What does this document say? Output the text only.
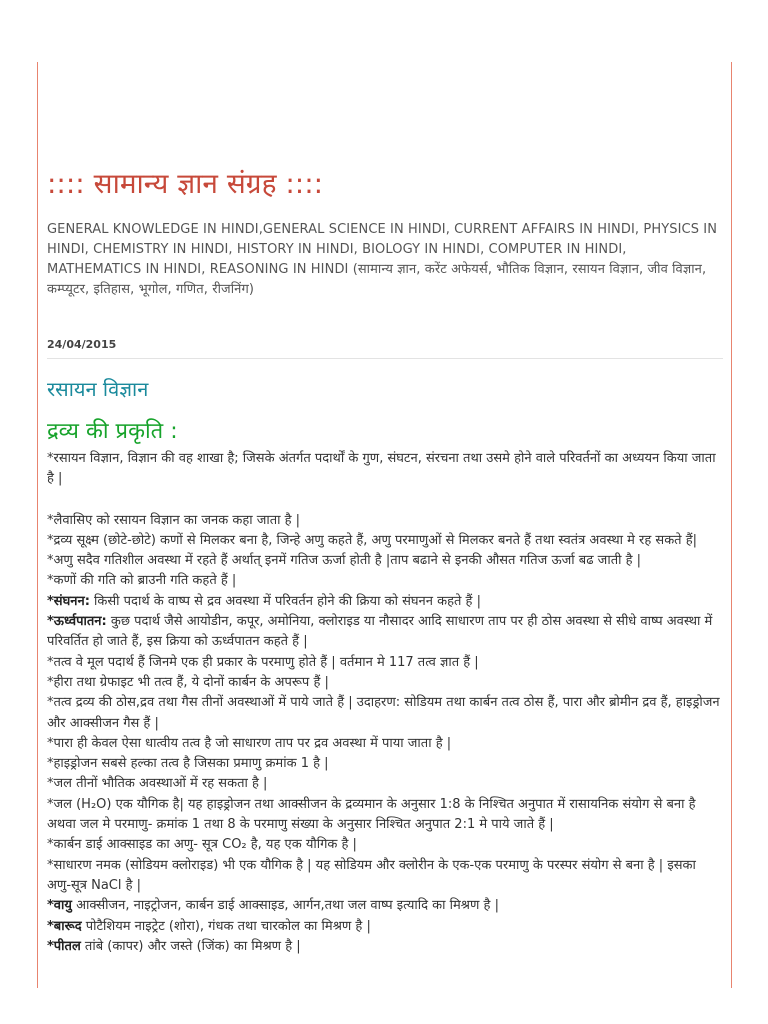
:::: सामान्य ज्ञान संग्रह ::::

GENERAL KNOWLEDGE IN HINDI,GENERAL SCIENCE IN HINDI, CURRENT AFFAIRS IN HINDI, PHYSICS IN HINDI, CHEMISTRY IN HINDI, HISTORY IN HINDI, BIOLOGY IN HINDI, COMPUTER IN HINDI, MATHEMATICS IN HINDI, REASONING IN HINDI (सामान्य ज्ञान, करेंट अफेयर्स, भौतिक विज्ञान, रसायन विज्ञान, जीव विज्ञान, कम्प्यूटर, इतिहास, भूगोल, गणित, रीजनिंग)

24/04/2015
रसायन विज्ञान
द्रव्य की प्रकृति :

*रसायन विज्ञान, विज्ञान की वह शाखा है; जिसके अंतर्गत पदार्थों के गुण, संघटन, संरचना तथा उसमे होने वाले परिवर्तनों का अध्ययन किया जाता है |

*लैवासिए को रसायन विज्ञान का जनक कहा जाता है |
*द्रव्य सूक्ष्म (छोटे-छोटे) कणों से मिलकर बना है, जिन्हे अणु कहते हैं, अणु परमाणुओं से मिलकर बनते हैं तथा स्वतंत्र अवस्था मे रह सकते हैं|
*अणु सदैव गतिशील अवस्था में रहते हैं अर्थात् इनमें गतिज ऊर्जा होती है |ताप बढाने से इनकी औसत गतिज ऊर्जा बढ जाती है |
*कणों की गति को ब्राउनी गति कहते हैं |
*संघनन: किसी पदार्थ के वाष्प से द्रव अवस्था में परिवर्तन होने की क्रिया को संघनन कहते हैं |
*ऊर्ध्वपातन: कुछ पदार्थ जैसे आयोडीन, कपूर, अमोनिया, क्लोराइड या नौसादर आदि साधारण ताप पर ही ठोस अवस्था से सीधे वाष्प अवस्था में परिवर्तित हो जाते हैं, इस क्रिया को ऊर्ध्वपातन कहते हैं |
*तत्व वे मूल पदार्थ हैं जिनमे एक ही प्रकार के परमाणु होते हैं | वर्तमान मे 117 तत्व ज्ञात हैं |
*हीरा तथा ग्रेफाइट भी तत्व हैं, ये दोनों कार्बन के अपरूप हैं |
*तत्व द्रव्य की ठोस,द्रव तथा गैस तीनों अवस्थाओं में पाये जाते हैं | उदाहरण: सोडियम तथा कार्बन तत्व ठोस हैं, पारा और ब्रोमीन द्रव हैं, हाइड्रोजन और आक्सीजन गैस हैं |
*पारा ही केवल ऐसा धात्वीय तत्व है जो साधारण ताप पर द्रव अवस्था में पाया जाता है |
*हाइड्रोजन सबसे हल्का तत्व है जिसका प्रमाणु क्रमांक 1 है |
*जल तीनों भौतिक अवस्थाओं में रह सकता है |
*जल (H₂O) एक यौगिक है| यह हाइड्रोजन तथा आक्सीजन के द्रव्यमान के अनुसार 1:8 के निश्चित अनुपात में रासायनिक संयोग से बना है अथवा जल मे परमाणु- क्रमांक 1 तथा 8 के परमाणु संख्या के अनुसार निश्चित अनुपात 2:1 मे पाये जाते हैं |
*कार्बन डाई आक्साइड का अणु- सूत्र CO₂ है, यह एक यौगिक है |
*साधारण नमक (सोडियम क्लोराइड) भी एक यौगिक है | यह सोडियम और क्लोरीन के एक-एक परमाणु के परस्पर संयोग से बना है | इसका अणु-सूत्र NaCl है |
*वायु आक्सीजन, नाइट्रोजन, कार्बन डाई आक्साइड, आर्गन,तथा जल वाष्प इत्यादि का मिश्रण है |
*बारूद पोटैशियम नाइट्रेट (शोरा), गंधक तथा चारकोल का मिश्रण है |
*पीतल तांबे (कापर) और जस्ते (जिंक) का मिश्रण है |
